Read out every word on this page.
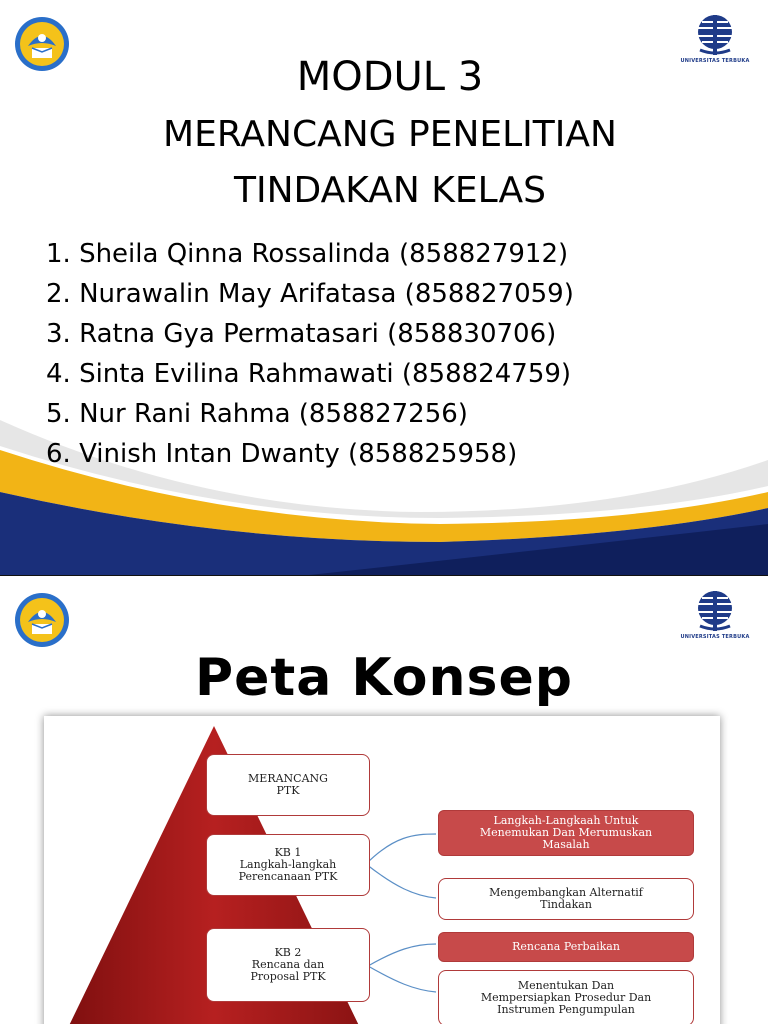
UNIVERSITAS TERBUKA
MODUL 3
MERANCANG PENELITIAN
TINDAKAN KELAS
1. Sheila Qinna Rossalinda (858827912)
2. Nurawalin May Arifatasa (858827059)
3. Ratna Gya Permatasari (858830706)
4. Sinta Evilina Rahmawati (858824759)
5. Nur Rani Rahma (858827256)
6. Vinish Intan Dwanty (858825958)
UNIVERSITAS TERBUKA
Peta Konsep
MERANCANG
PTK
KB 1
Langkah-langkah
Perencanaan PTK
KB 2
Rencana dan
Proposal PTK
Langkah-Langkaah Untuk
Menemukan Dan Merumuskan
Masalah
Mengembangkan Alternatif
Tindakan
Rencana Perbaikan
Menentukan Dan
Mempersiapkan Prosedur Dan
Instrumen Pengumpulan
